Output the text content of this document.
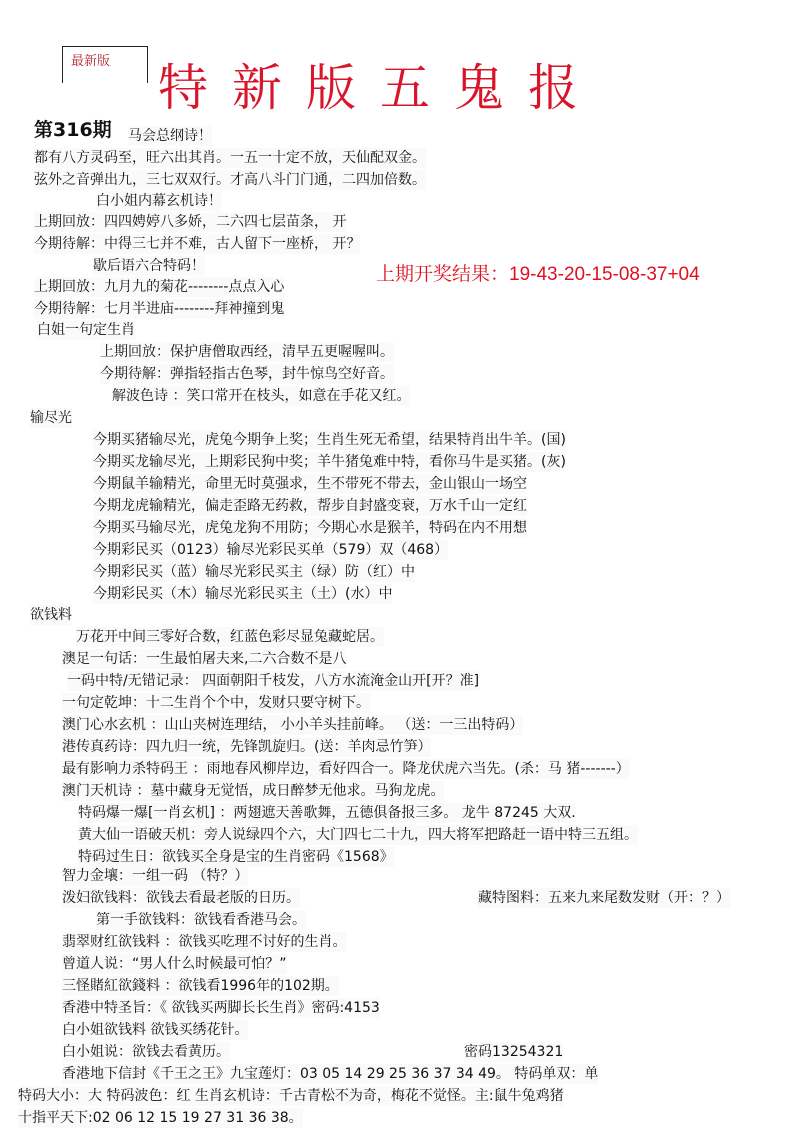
最新版 特新版五鬼报
第316期
上期开奖结果：19-43-20-15-08-37+04
马会总纲诗！
都有八方灵码至，旺六出其肖。一五一十定不放，天仙配双金。
弦外之音弹出九，三七双双行。才高八斗门门通，二四加倍数。
白小姐内幕玄机诗！
上期回放：四四娉婷八多娇，二六四七层苗条， 开
今期待解：中得三七并不难，古人留下一座桥， 开？
歇后语六合特码！
上期回放：九月九的菊花--------点点入心
今期待解：七月半进庙--------拜神撞到鬼
白姐一句定生肖
上期回放：保护唐僧取西经，清早五更喔喔叫。
今期待解：弹指轻指古色琴，封牛惊鸟空好音。
解波色诗 ：笑口常开在枝头，如意在手花又红。
输尽光
今期买猪输尽光，虎兔今期争上奖；生肖生死无希望，结果特肖出牛羊。(国)
今期买龙输尽光，上期彩民狗中奖；羊牛猪兔难中特，看你马牛是买猪。(灰)
今期鼠羊输精光，命里无时莫强求，生不带死不带去，金山银山一场空
今期龙虎输精光，偏走歪路无药救，帮步自封盛变衰，万水千山一定红
今期买马输尽光，虎兔龙狗不用防；今期心水是猴羊，特码在内不用想
今期彩民买（0123）输尽光彩民买单（579）双（468）
今期彩民买（蓝）输尽光彩民买主（绿）防（红）中
今期彩民买（木）输尽光彩民买主（土）(水）中
欲钱料
万花开中间三零好合数，红蓝色彩尽显兔藏蛇居。
澳足一句话：一生最怕屠夫来,二六合数不是八
一码中特/无错记录： 四面朝阳千枝发，八方水流淹金山开[开？准]
一句定乾坤：十二生肖个个中，发财只要守树下。
澳门心水玄机 ：山山夹树连理结， 小小羊头挂前峰。 （送：一三出特码）
港传真药诗：四九归一统，先锋凯旋归。(送：羊肉忌竹笋）
最有影响力杀特码王 ：雨地春风柳岸边，看好四合一。降龙伏虎六当先。(杀：马 猪-------）
澳门天机诗 ：墓中藏身无觉悟，成日醉梦无他求。马狗龙虎。
特码爆一爆[一肖玄机] ：两翅遮天善歌舞，五德俱备报三多。 龙牛 87245 大双.
黄大仙一语破天机：旁人说绿四个六，大门四七二十九，四大将军把路赶一语中特三五组。
特码过生日：欲钱买全身是宝的生肖密码《1568》
智力金壤：一组一码 （特？）
泼妇欲钱料：欲钱去看最老版的日历。	藏特图料：五来九来尾数发财（开：？）
第一手欲钱料：欲钱看香港马会。
翡翠财红欲钱料 ：欲钱买吃理不讨好的生肖。
曾道人说：“男人什么时候最可怕？”
三怪賭紅欲錢料 ：欲钱看1996年的102期。
香港中特圣旨：《 欲钱买两脚长长生肖》密码:4153
白小姐欲钱料 欲钱买绣花针。
白小姐说：欲钱去看黄历。	密码13254321
香港地下信封《千王之王》九宝莲灯：03 05 14 29 25 36 37 34 49。 特码单双：单
特码大小：大 特码波色：红 生肖玄机诗：千古青松不为奇，梅花不觉怪。主:鼠牛兔鸡猪
十指平天下:02 06 12 15 19 27 31 36 38。
